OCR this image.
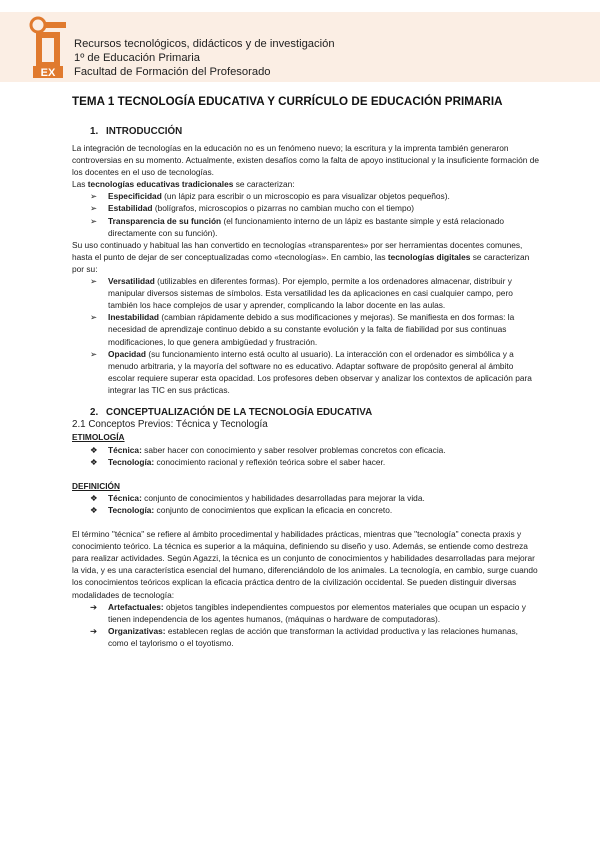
EX
Recursos tecnológicos, didácticos y de investigación
1º de Educación Primaria
Facultad de Formación del Profesorado
TEMA 1 TECNOLOGÍA EDUCATIVA Y CURRÍCULO DE EDUCACIÓN PRIMARIA

1. INTRODUCCIÓN

La integración de tecnologías en la educación no es un fenómeno nuevo; la escritura y la imprenta también generaron controversias en su momento. Actualmente, existen desafíos como la falta de apoyo institucional y la insuficiente formación de los docentes en el uso de tecnologías.

Las tecnologías educativas tradicionales se caracterizan:

➢	Especificidad (un lápiz para escribir o un microscopio es para visualizar objetos pequeños).

➢	Estabilidad (bolígrafos, microscopios o pizarras no cambian mucho con el tiempo)

➢	Transparencia de su función (el funcionamiento interno de un lápiz es bastante simple y está relacionado directamente con su función).

Su uso continuado y habitual las han convertido en tecnologías «transparentes» por ser herramientas docentes comunes, hasta el punto de dejar de ser conceptualizadas como «tecnologías». En cambio, las tecnologías digitales se caracterizan por su:

➢	Versatilidad (utilizables en diferentes formas). Por ejemplo, permite a los ordenadores almacenar, distribuir y manipular diversos sistemas de símbolos. Esta versatilidad les da aplicaciones en casi cualquier campo, pero también los hace complejos de usar y aprender, complicando la labor docente en las aulas.

➢	Inestabilidad (cambian rápidamente debido a sus modificaciones y mejoras). Se manifiesta en dos formas: la necesidad de aprendizaje continuo debido a su constante evolución y la falta de fiabilidad por sus continuas modificaciones, lo que genera ambigüedad y frustración.

➢	Opacidad (su funcionamiento interno está oculto al usuario). La interacción con el ordenador es simbólica y a menudo arbitraria, y la mayoría del software no es educativo. Adaptar software de propósito general al ámbito escolar requiere superar esta opacidad. Los profesores deben observar y analizar los contextos de aplicación para integrar las TIC en sus prácticas.

2. CONCEPTUALIZACIÓN DE LA TECNOLOGÍA EDUCATIVA

2.1 Conceptos Previos: Técnica y Tecnología

ETIMOLOGÍA

❖	Técnica: saber hacer con conocimiento y saber resolver problemas concretos con eficacia.

❖	Tecnología: conocimiento racional y reflexión teórica sobre el saber hacer.

DEFINICIÓN

❖	Técnica: conjunto de conocimientos y habilidades desarrolladas para mejorar la vida.

❖	Tecnología: conjunto de conocimientos que explican la eficacia en concreto.

El término "técnica" se refiere al ámbito procedimental y habilidades prácticas, mientras que "tecnología" conecta praxis y conocimiento teórico. La técnica es superior a la máquina, definiendo su diseño y uso. Además, se entiende como destreza para realizar actividades. Según Agazzi, la técnica es un conjunto de conocimientos y habilidades desarrolladas para mejorar la vida, y es una característica esencial del humano, diferenciándolo de los animales. La tecnología, en cambio, surge cuando los conocimientos teóricos explican la eficacia práctica dentro de la civilización occidental. Se pueden distinguir diversas modalidades de tecnología:

➔	Artefactuales: objetos tangibles independientes compuestos por elementos materiales que ocupan un espacio y tienen independencia de los agentes humanos, (máquinas o hardware de computadoras).

➔	Organizativas: establecen reglas de acción que transforman la actividad productiva y las relaciones humanas, como el taylorismo o el toyotismo.
